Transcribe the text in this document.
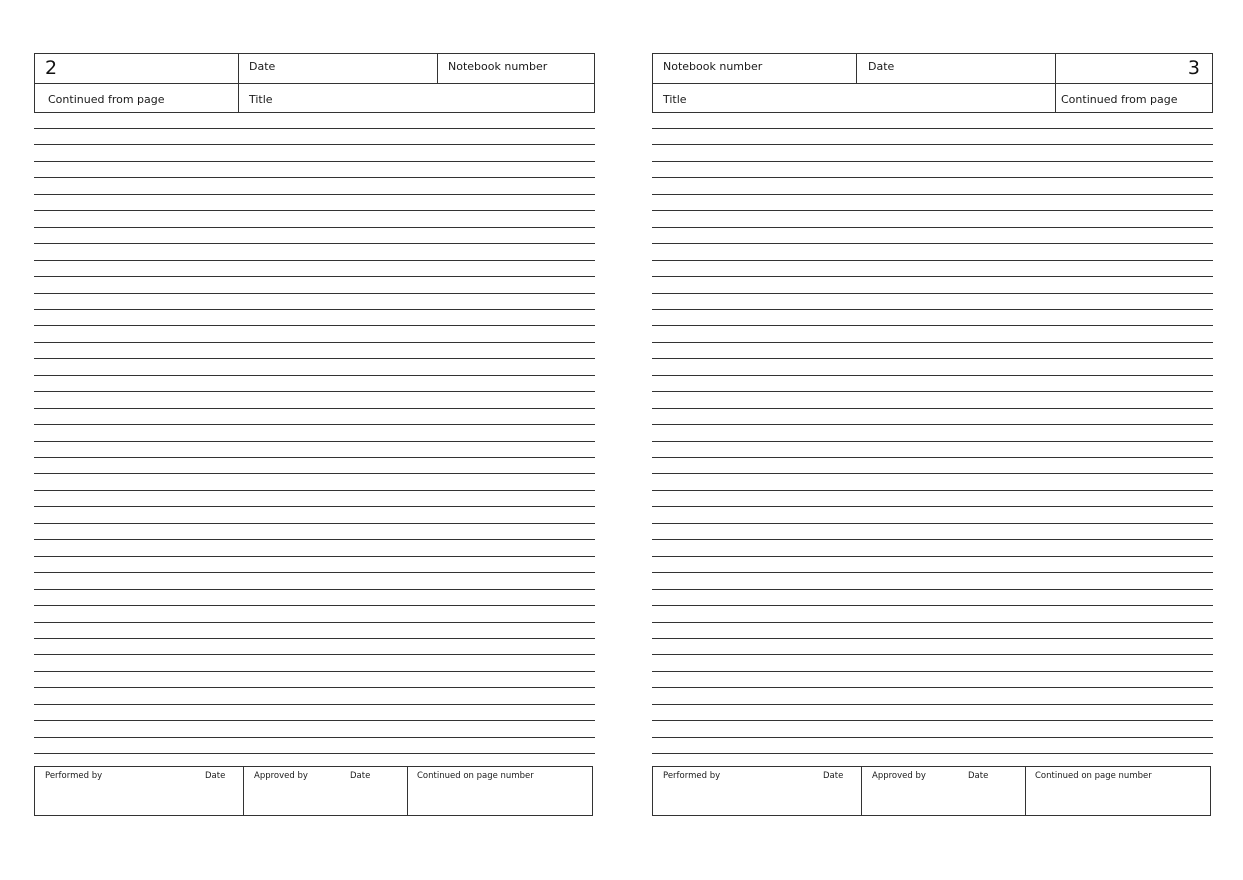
2	Date	Notebook number
Continued from page	Title
Performed by	Date	Approved by	Date	Continued on page number
Notebook number	Date	3
Title	Continued from page
Performed by	Date	Approved by	Date	Continued on page number
